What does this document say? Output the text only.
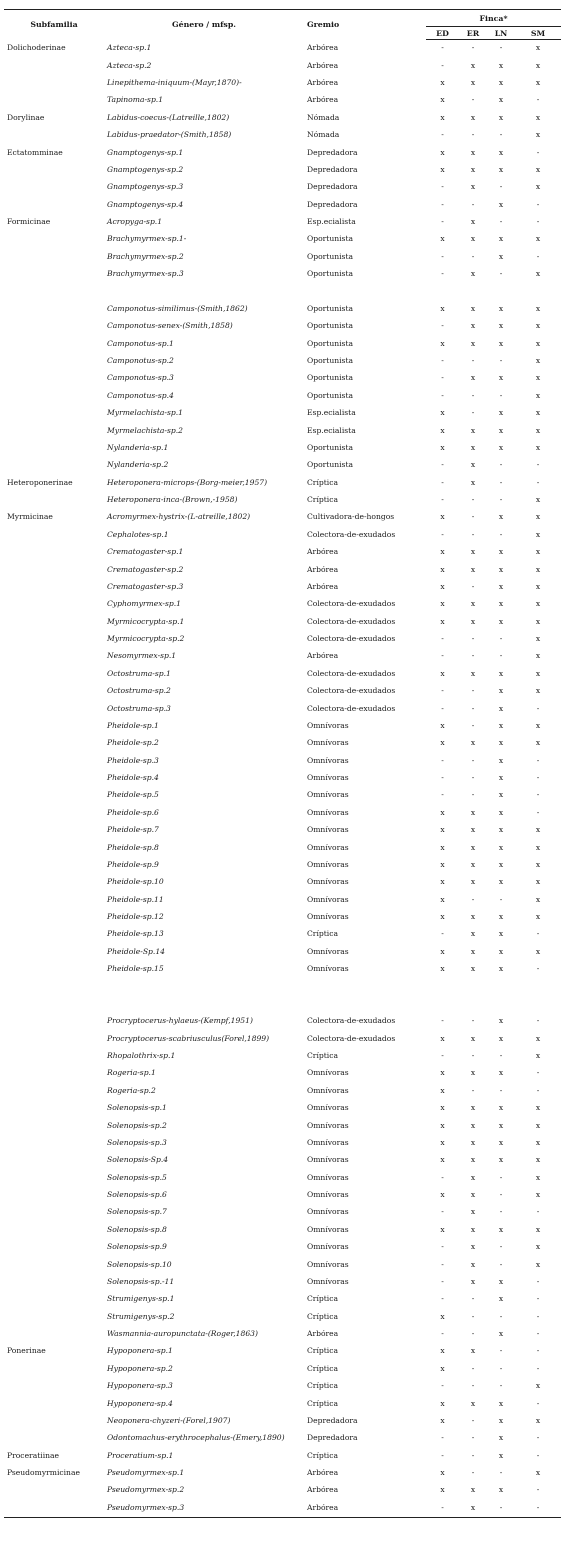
Subfamilia	Género / mfsp.	Gremio	Finca*			
			ED	ER	LN	SM
Dolichoderinae	Azteca-sp.1	Arbórea	-	-	-	x
	Azteca-sp.2	Arbórea	-	x	x	x
	Linepithema-iniquum-(Mayr,1870)-	Arbórea	x	x	x	x
	Tapinoma-sp.1	Arbórea	x	-	x	-
Dorylinae	Labidus-coecus-(Latreille,1802)	Nómada	x	x	x	x
	Labidus-praedator-(Smith,1858)	Nómada	-	-	-	x
Ectatomminae	Gnamptogenys-sp.1	Depredadora	x	x	x	-
	Gnamptogenys-sp.2	Depredadora	x	x	x	x
	Gnamptogenys-sp.3	Depredadora	-	x	-	x
	Gnamptogenys-sp.4	Depredadora	-	-	x	-
Formicinae	Acropyga-sp.1	Esp.ecialista	-	x	-	-
	Brachymyrmex-sp.1-	Oportunista	x	x	x	x
	Brachymyrmex-sp.2	Oportunista	-	-	x	-
	Brachymyrmex-sp.3	Oportunista	-	x	-	x

	Camponotus-similimus-(Smith,1862)	Oportunista	x	x	x	x
	Camponotus-senex-(Smith,1858)	Oportunista	-	x	x	x
	Camponotus-sp.1	Oportunista	x	x	x	x
	Camponotus-sp.2	Oportunista	-	-	-	x
	Camponotus-sp.3	Oportunista	-	x	x	x
	Camponotus-sp.4	Oportunista	-	-	-	x
	Myrmelachista-sp.1	Esp.ecialista	x	-	x	x
	Myrmelachista-sp.2	Esp.ecialista	x	x	x	x
	Nylanderia-sp.1	Oportunista	x	x	x	x
	Nylanderia-sp.2	Oportunista	-	x	-	-
Heteroponerinae	Heteroponera-microps-(Borg-meier,1957)	Críptica	-	x	-	-
	Heteroponera-inca-(Brown,-1958)	Críptica	-	-	-	x
Myrmicinae	Acromyrmex-hystrix-(L-atreille,1802)	Cultivadora-de-hongos	x	-	x	x
	Cephalotes-sp.1	Colectora-de-exudados	-	-	-	x
	Crematogaster-sp.1	Arbórea	x	x	x	x
	Crematogaster-sp.2	Arbórea	x	x	x	x
	Crematogaster-sp.3	Arbórea	x	-	x	x
	Cyphomyrmex-sp.1	Colectora-de-exudados	x	x	x	x
	Myrmicocrypta-sp.1	Colectora-de-exudados	x	x	x	x
	Myrmicocrypta-sp.2	Colectora-de-exudados	-	-	-	x
	Nesomyrmex-sp.1	Arbórea	-	-	-	x
	Octostruma-sp.1	Colectora-de-exudados	x	x	x	x
	Octostruma-sp.2	Colectora-de-exudados	-	-	x	x
	Octostruma-sp.3	Colectora-de-exudados	-	-	x	-
	Pheidole-sp.1	Omnívoras	x	-	x	x
	Pheidole-sp.2	Omnívoras	x	x	x	x
	Pheidole-sp.3	Omnívoras	-	-	x	-
	Pheidole-sp.4	Omnívoras	-	-	x	-
	Pheidole-sp.5	Omnívoras	-	-	x	-
	Pheidole-sp.6	Omnívoras	x	x	x	-
	Pheidole-sp.7	Omnívoras	x	x	x	x
	Pheidole-sp.8	Omnívoras	x	x	x	x
	Pheidole-sp.9	Omnívoras	x	x	x	x
	Pheidole-sp.10	Omnívoras	x	x	x	x
	Pheidole-sp.11	Omnívoras	x	-	-	x
	Pheidole-sp.12	Omnívoras	x	x	x	x
	Pheidole-sp.13	Críptica	-	x	x	-
	Pheidole-Sp.14	Omnívoras	x	x	x	x
	Pheidole-sp.15	Omnívoras	x	x	x	-

	Procryptocerus-hylaeus-(Kempf,1951)	Colectora-de-exudados	-	-	x	-
	Procryptocerus-scabriusculus(Forel,1899)	Colectora-de-exudados	x	x	x	x
	Rhopalothrix-sp.1	Críptica	-	-	-	x
	Rogeria-sp.1	Omnívoras	x	x	x	-
	Rogeria-sp.2	Omnívoras	x	-	-	-
	Solenopsis-sp.1	Omnívoras	x	x	x	x
	Solenopsis-sp.2	Omnívoras	x	x	x	x
	Solenopsis-sp.3	Omnívoras	x	x	x	x
	Solenopsis-Sp.4	Omnívoras	x	x	x	x
	Solenopsis-sp.5	Omnívoras	-	x	-	x
	Solenopsis-sp.6	Omnívoras	x	x	-	x
	Solenopsis-sp.7	Omnívoras	-	x	-	-
	Solenopsis-sp.8	Omnívoras	x	x	x	x
	Solenopsis-sp.9	Omnívoras	-	x	-	x
	Solenopsis-sp.10	Omnívoras	-	x	-	x
	Solenopsis-sp.-11	Omnívoras	-	x	x	-
	Strumigenys-sp.1	Críptica	-	-	x	-
	Strumigenys-sp.2	Críptica	x	-	-	-
	Wasmannia-auropunctata-(Roger,1863)	Arbórea	-	-	x	-
Ponerinae	Hypoponera-sp.1	Críptica	x	x	-	-
	Hypoponera-sp.2	Críptica	x	-	-	-
	Hypoponera-sp.3	Críptica	-	-	-	x
	Hypoponera-sp.4	Críptica	x	x	x	-
	Neoponera-chyzeri-(Forel,1907)	Depredadora	x	-	x	x
	Odontomachus-erythrocephalus-(Emery,1890)	Depredadora	-	-	x	-
Proceratiinae	Proceratium-sp.1	Críptica	-	-	x	-
Pseudomyrmicinae	Pseudomyrmex-sp.1	Arbórea	x	-	-	x
	Pseudomyrmex-sp.2	Arbórea	x	x	x	-
	Pseudomyrmex-sp.3	Arbórea	-	x	-	-
